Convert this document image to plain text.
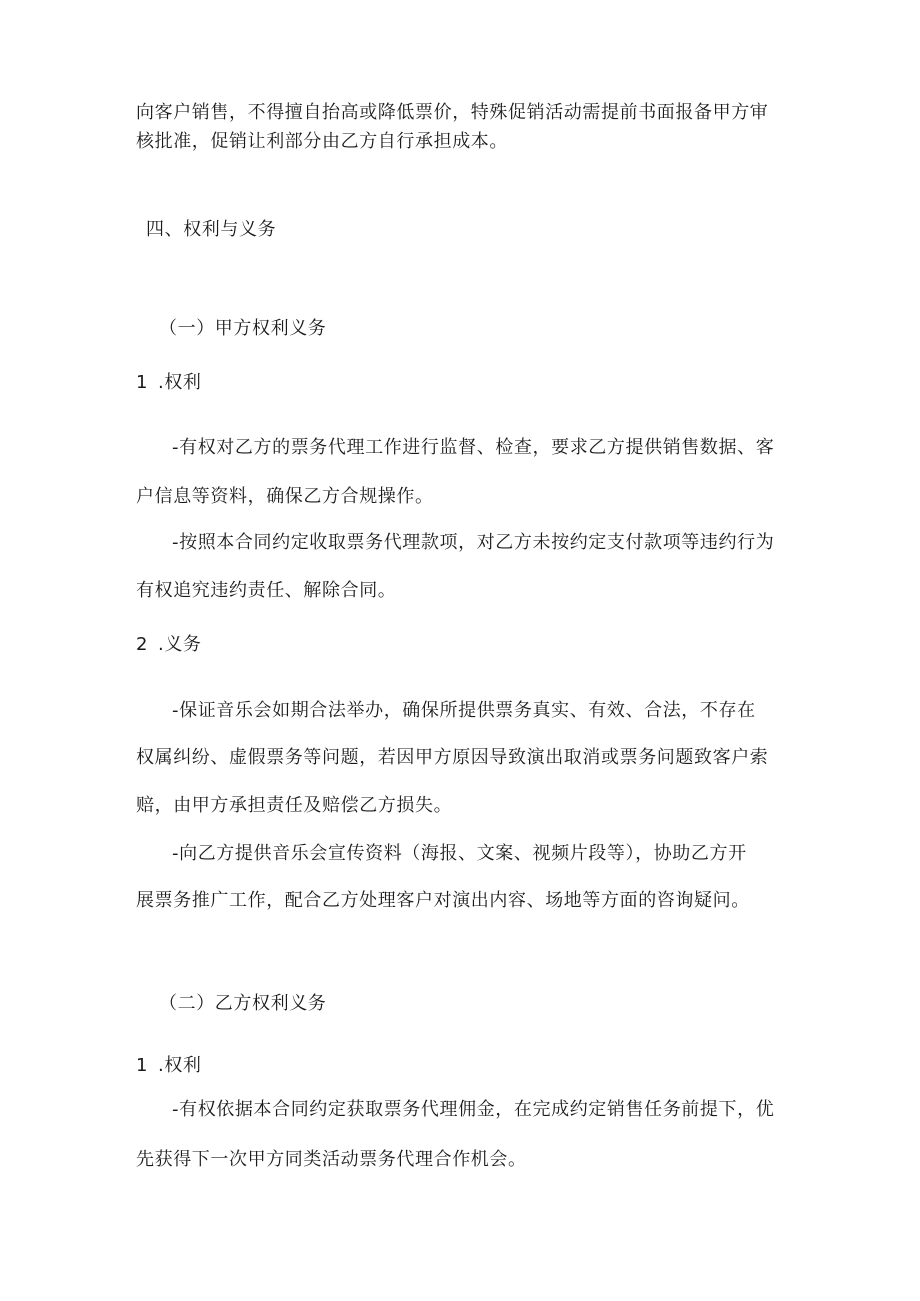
向客户销售，不得擅自抬高或降低票价，特殊促销活动需提前书面报备甲方审
核批准，促销让利部分由乙方自行承担成本。
四、权利与义务
（一）甲方权利义务
1 .权利
-有权对乙方的票务代理工作进行监督、检查，要求乙方提供销售数据、客
户信息等资料，确保乙方合规操作。
-按照本合同约定收取票务代理款项，对乙方未按约定支付款项等违约行为
有权追究违约责任、解除合同。
2 .义务
-保证音乐会如期合法举办，确保所提供票务真实、有效、合法，不存在
权属纠纷、虚假票务等问题，若因甲方原因导致演出取消或票务问题致客户索
赔，由甲方承担责任及赔偿乙方损失。
-向乙方提供音乐会宣传资料（海报、文案、视频片段等），协助乙方开
展票务推广工作，配合乙方处理客户对演出内容、场地等方面的咨询疑问。
（二）乙方权利义务
1 .权利
-有权依据本合同约定获取票务代理佣金，在完成约定销售任务前提下，优
先获得下一次甲方同类活动票务代理合作机会。
